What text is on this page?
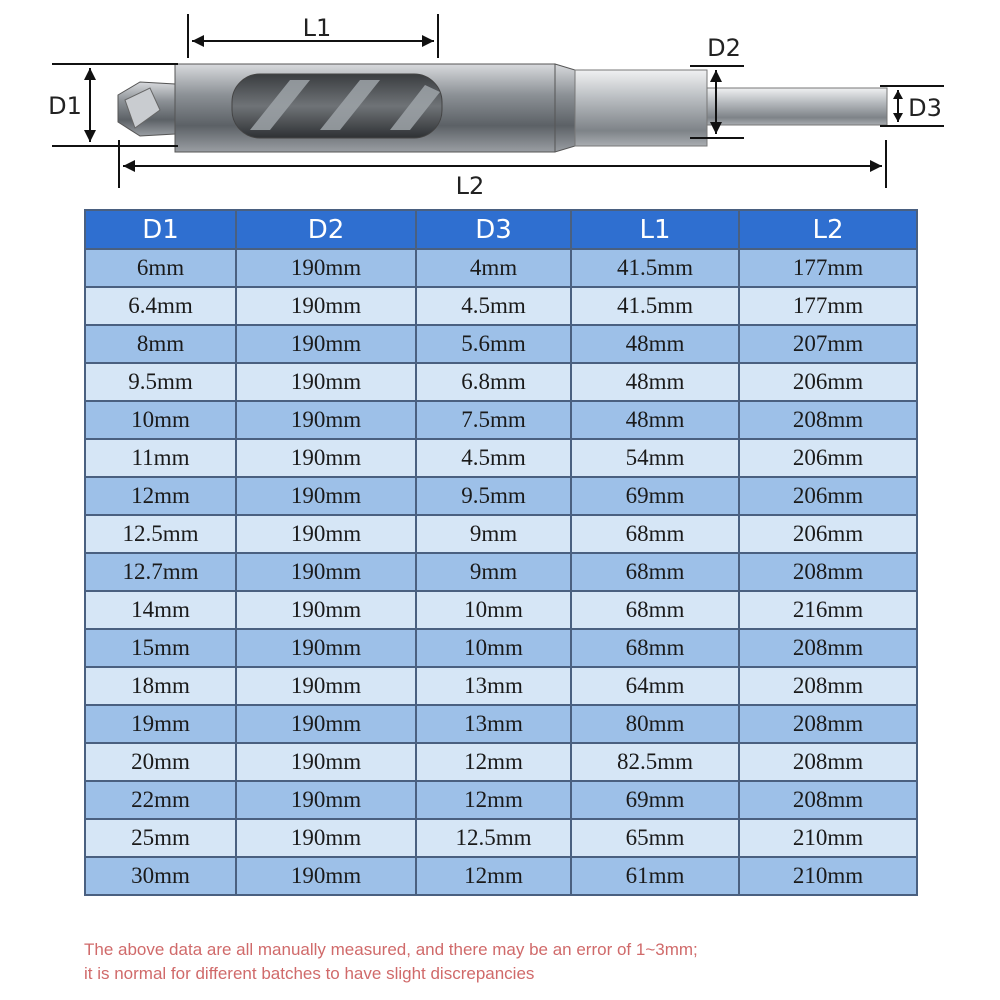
L1
D1
D2
D3
L2
D1	D2	D3	L1	L2
6mm	190mm	4mm	41.5mm	177mm
6.4mm	190mm	4.5mm	41.5mm	177mm
8mm	190mm	5.6mm	48mm	207mm
9.5mm	190mm	6.8mm	48mm	206mm
10mm	190mm	7.5mm	48mm	208mm
11mm	190mm	4.5mm	54mm	206mm
12mm	190mm	9.5mm	69mm	206mm
12.5mm	190mm	9mm	68mm	206mm
12.7mm	190mm	9mm	68mm	208mm
14mm	190mm	10mm	68mm	216mm
15mm	190mm	10mm	68mm	208mm
18mm	190mm	13mm	64mm	208mm
19mm	190mm	13mm	80mm	208mm
20mm	190mm	12mm	82.5mm	208mm
22mm	190mm	12mm	69mm	208mm
25mm	190mm	12.5mm	65mm	210mm
30mm	190mm	12mm	61mm	210mm
The above data are all manually measured, and there may be an error of 1~3mm;
it is normal for different batches to have slight discrepancies
